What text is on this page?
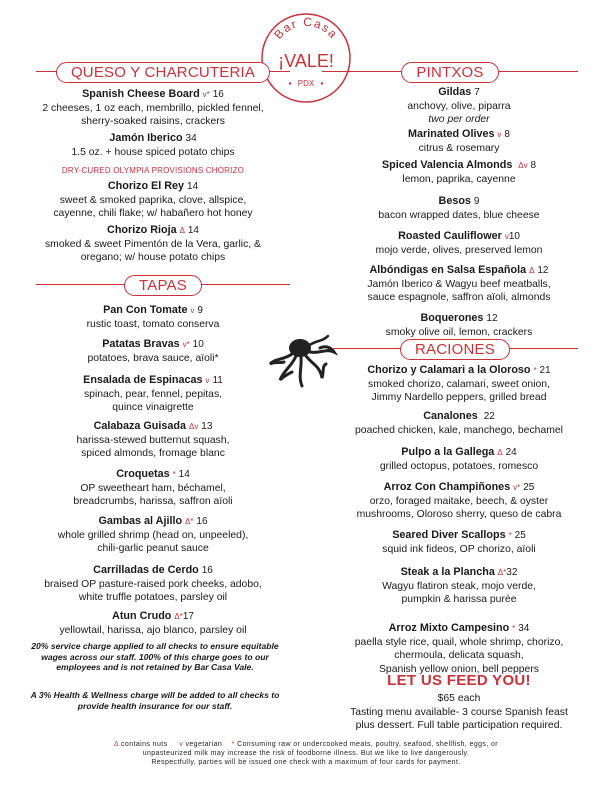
Bar Casa
¡VALE!
PDX
QUESO Y CHARCUTERIA
Spanish Cheese Board v* 16
2 cheeses, 1 oz each, membrillo, pickled fennel,
sherry-soaked raisins, crackers
Jamón Iberico 34
1.5 oz. + house spiced potato chips
DRY-CURED OLYMPIA PROVISIONS CHORIZO
Chorizo El Rey 14
sweet & smoked paprika, clove, allspice,
cayenne, chili flake; w/ habañero hot honey
Chorizo Rioja Δ 14
smoked & sweet Pimentón de la Vera, garlic, &
oregano; w/ house potato chips
TAPAS
Pan Con Tomate v 9
rustic toast, tomato conserva
Patatas Bravas v* 10
potatoes, brava sauce, aïoli*
Ensalada de Espinacas v 11
spinach, pear, fennel, pepitas,
quince vinaigrette
Calabaza Guisada Δv 13
harissa-stewed butternut squash,
spiced almonds, fromage blanc
Croquetas * 14
OP sweetheart ham, béchamel,
breadcrumbs, harissa, saffron aïoli
Gambas al Ajillo Δ* 16
whole grilled shrimp (head on, unpeeled),
chili-garlic peanut sauce
Carrilladas de Cerdo 16
braised OP pasture-raised pork cheeks, adobo,
white truffle potatoes, parsley oil
Atun Crudo Δ*17
yellowtail, harissa, ajo blanco, parsley oil
20% service charge applied to all checks to ensure equitable wages across our staff. 100% of this charge goes to our employees and is not retained by Bar Casa Vale.
A 3% Health & Wellness charge will be added to all checks to provide health insurance for our staff.
PINTXOS
Gildas 7
anchovy, olive, piparra
two per order
Marinated Olives v 8
citrus & rosemary
Spiced Valencia Almonds Δv 8
lemon, paprika, cayenne
Besos 9
bacon wrapped dates, blue cheese
Roasted Cauliflower v10
mojo verde, olives, preserved lemon
Albóndigas en Salsa Española Δ 12
Jamón Iberico & Wagyu beef meatballs,
sauce espagnole, saffron aïoli, almonds
Boquerones 12
smoky olive oil, lemon, crackers
RACIONES
Chorizo y Calamari a la Oloroso * 21
smoked chorizo, calamari, sweet onion,
Jimmy Nardello peppers, grilled bread
Canalones 22
poached chicken, kale, manchego, bechamel
Pulpo a la Gallega Δ 24
grilled octopus, potatoes, romesco
Arroz Con Champiñones v* 25
orzo, foraged maitake, beech, & oyster
mushrooms, Oloroso sherry, queso de cabra
Seared Diver Scallops * 25
squid ink fideos, OP chorizo, aïoli
Steak a la Plancha Δ*32
Wagyu flatiron steak, mojo verde,
pumpkin & harissa purée
Arroz Mixto Campesino * 34
paella style rice, quail, whole shrimp, chorizo,
chermoula, delicata squash,
Spanish yellow onion, bell peppers
LET US FEED YOU!
$65 each
Tasting menu available- 3 course Spanish feast
plus dessert. Full table participation required.
Δ contains nuts v vegetarian * Consuming raw or undercooked meats, poultry, seafood, shellfish, eggs, or
unpasteurized milk may increase the risk of foodborne illness. But we like to live dangerously.
Respectfully, parties will be issued one check with a maximum of four cards for payment.
